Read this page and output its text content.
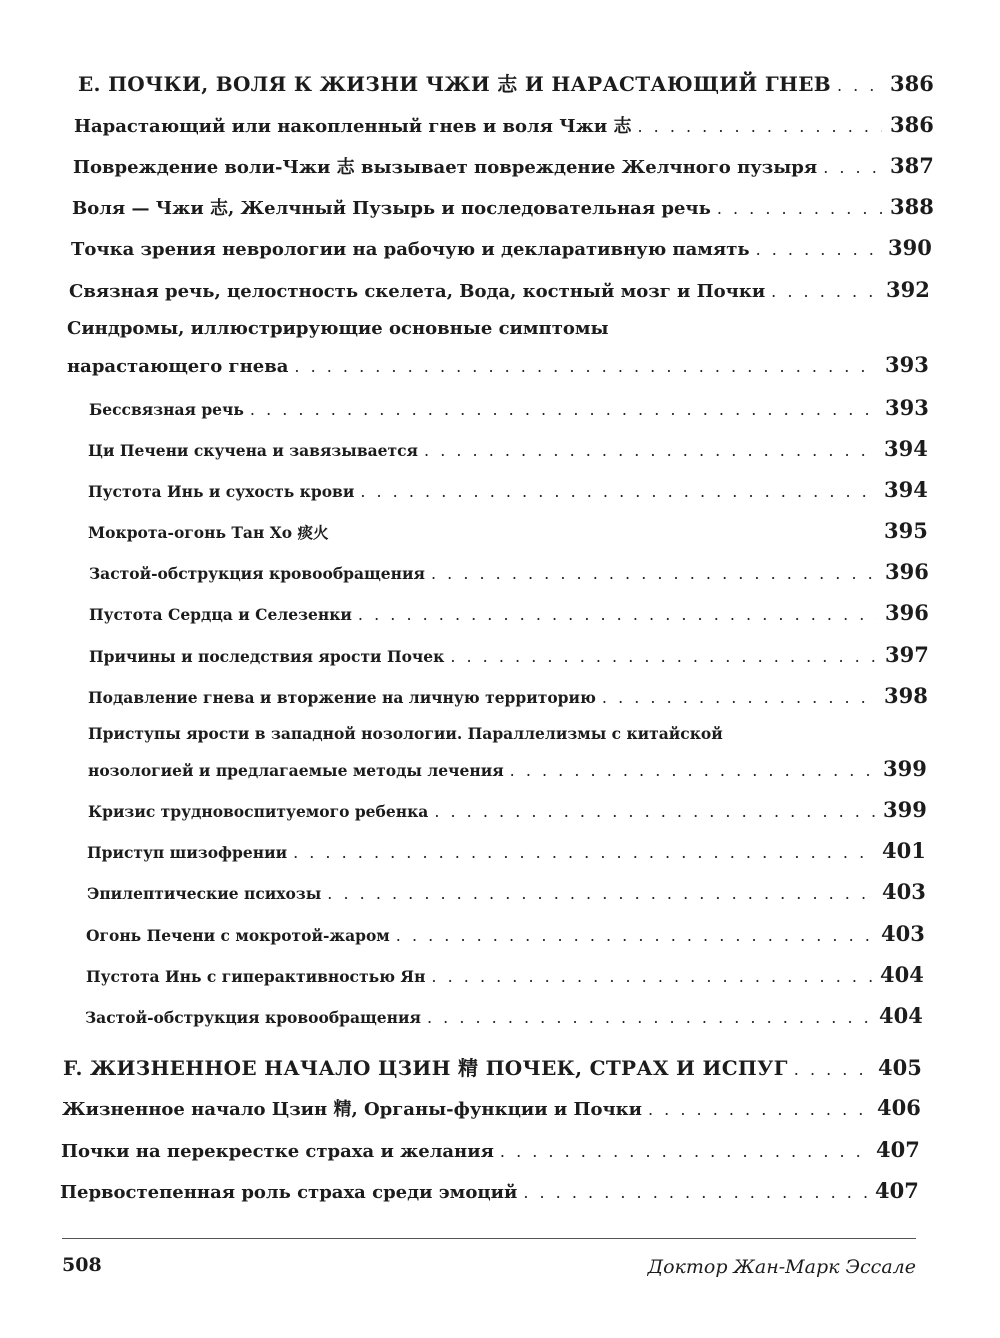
E. ПОЧКИ, ВОЛЯ К ЖИЗНИ ЧЖИ 志 И НАРАСТАЮЩИЙ ГНЕВ . . .	386
Нарастающий или накопленный гнев и воля Чжи 志 . . .	386
Повреждение воли-Чжи 志 вызывает повреждение Желчного пузыря . . .	387
Воля — Чжи 志, Желчный Пузырь и последовательная речь . . .	388
Точка зрения неврологии на рабочую и декларативную память . . .	390
Связная речь, целостность скелета, Вода, костный мозг и Почки . . .	392
Синдромы, иллюстрирующие основные симптомы
нарастающего гнева . . .	393
Бессвязная речь . . .	393
Ци Печени скучена и завязывается . . .	394
Пустота Инь и сухость крови . . .	394
Мокрота-огонь Тан Хо 痰火	395
Застой-обструкция кровообращения . . .	396
Пустота Сердца и Селезенки . . .	396
Причины и последствия ярости Почек . . .	397
Подавление гнева и вторжение на личную территорию . . .	398
Приступы ярости в западной нозологии. Параллелизмы с китайской
нозологией и предлагаемые методы лечения . . .	399
Кризис трудновоспитуемого ребенка . . .	399
Приступ шизофрении . . .	401
Эпилептические психозы . . .	403
Огонь Печени с мокротой-жаром . . .	403
Пустота Инь с гиперактивностью Ян . . .	404
Застой-обструкция кровообращения . . .	404
F. ЖИЗНЕННОЕ НАЧАЛО ЦЗИН 精 ПОЧЕК, СТРАХ И ИСПУГ . . .	405
Жизненное начало Цзин 精, Органы-функции и Почки . . .	406
Почки на перекрестке страха и желания . . .	407
Первостепенная роль страха среди эмоций . . .	407
508	Доктор Жан-Марк Эссале
